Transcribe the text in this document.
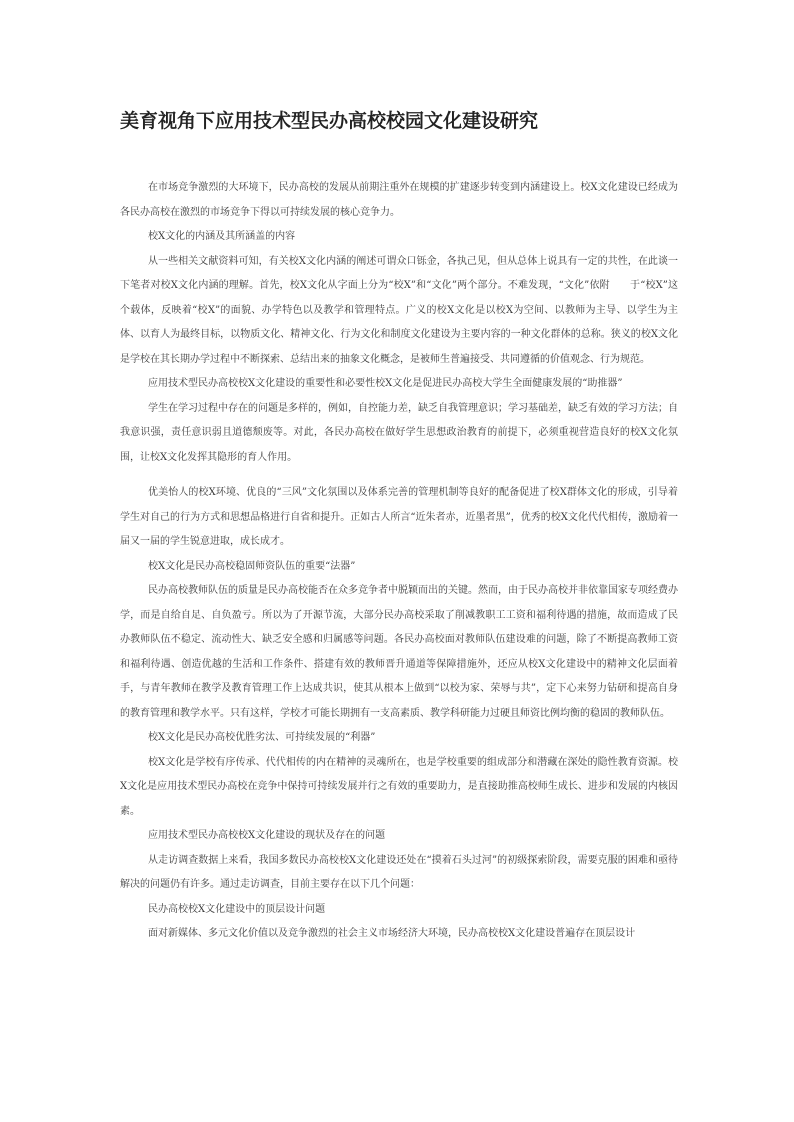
美育视角下应用技术型民办高校校园文化建设研究

在市场竞争激烈的大环境下，民办高校的发展从前期注重外在规模的扩建逐步转变到内涵建设上。校X文化建设已经成为各民办高校在激烈的市场竞争下得以可持续发展的核心竞争力。

校X文化的内涵及其所涵盖的内容

从一些相关文献资料可知，有关校X文化内涵的阐述可谓众口铄金，各执己见，但从总体上说具有一定的共性，在此谈一下笔者对校X文化内涵的理解。首先，校X文化从字面上分为“校X”和“文化”两个部分。不难发现，“文化”依附　　于“校X”这个载体，反映着“校X”的面貌、办学特色以及教学和管理特点。广义的校X文化是以校X为空间、以教师为主导、以学生为主体、以育人为最终目标，以物质文化、精神文化、行为文化和制度文化建设为主要内容的一种文化群体的总称。狭义的校X文化是学校在其长期办学过程中不断探索、总结出来的抽象文化概念，是被师生普遍接受、共同遵循的价值观念、行为规范。

应用技术型民办高校校X文化建设的重要性和必要性校X文化是促进民办高校大学生全面健康发展的“助推器”

学生在学习过程中存在的问题是多样的，例如，自控能力差，缺乏自我管理意识；学习基础差，缺乏有效的学习方法；自我意识强，责任意识弱且道德颓废等。对此，各民办高校在做好学生思想政治教育的前提下，必须重视营造良好的校X文化氛围，让校X文化发挥其隐形的育人作用。

优美怡人的校X环境、优良的“三风”文化氛围以及体系完善的管理机制等良好的配备促进了校X群体文化的形成，引导着学生对自己的行为方式和思想品格进行自省和提升。正如古人所言“近朱者赤，近墨者黑”，优秀的校X文化代代相传，激励着一届又一届的学生锐意进取，成长成才。

校X文化是民办高校稳固师资队伍的重要“法器”

民办高校教师队伍的质量是民办高校能否在众多竞争者中脱颖而出的关键。然而，由于民办高校并非依靠国家专项经费办学，而是自给自足、自负盈亏。所以为了开源节流，大部分民办高校采取了削减教职工工资和福利待遇的措施，故而造成了民办教师队伍不稳定、流动性大、缺乏安全感和归属感等问题。各民办高校面对教师队伍建设难的问题，除了不断提高教师工资和福利待遇、创造优越的生活和工作条件、搭建有效的教师晋升通道等保障措施外，还应从校X文化建设中的精神文化层面着手，与青年教师在教学及教育管理工作上达成共识，使其从根本上做到“以校为家、荣辱与共”，定下心来努力钻研和提高自身的教育管理和教学水平。只有这样，学校才可能长期拥有一支高素质、教学科研能力过硬且师资比例均衡的稳固的教师队伍。

校X文化是民办高校优胜劣汰、可持续发展的“利器”

校X文化是学校有序传承、代代相传的内在精神的灵魂所在，也是学校重要的组成部分和潜藏在深处的隐性教育资源。校X文化是应用技术型民办高校在竞争中保持可持续发展并行之有效的重要助力，是直接助推高校师生成长、进步和发展的内核因素。

应用技术型民办高校校X文化建设的现状及存在的问题

从走访调查数据上来看，我国多数民办高校校X文化建设还处在“摸着石头过河”的初级探索阶段，需要克服的困难和亟待解决的问题仍有许多。通过走访调查，目前主要存在以下几个问题：

民办高校校X文化建设中的顶层设计问题

面对新媒体、多元文化价值以及竞争激烈的社会主义市场经济大环境，民办高校校X文化建设普遍存在顶层设计
